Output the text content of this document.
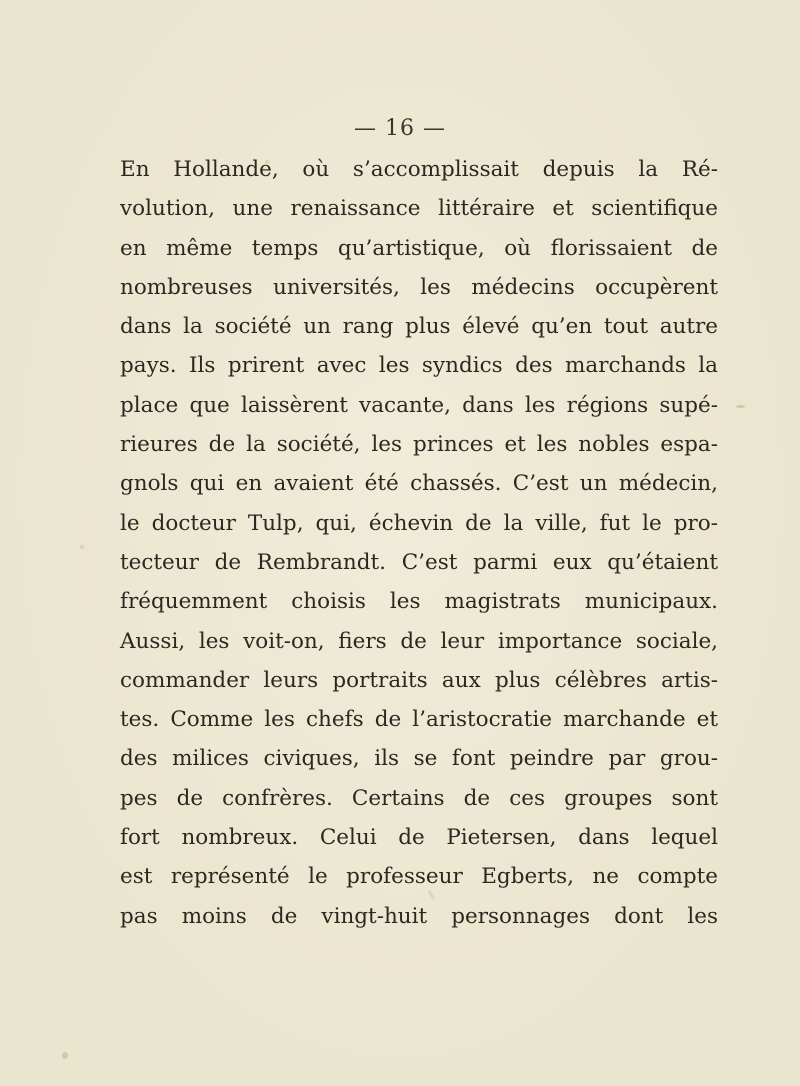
— 16 —
En Hollande, où s’accomplissait depuis la Ré-
volution, une renaissance littéraire et scientifique
en même temps qu’artistique, où florissaient de
nombreuses universités, les médecins occupèrent
dans la société un rang plus élevé qu’en tout autre
pays. Ils prirent avec les syndics des marchands la
place que laissèrent vacante, dans les régions supé-
rieures de la société, les princes et les nobles espa-
gnols qui en avaient été chassés. C’est un médecin,
le docteur Tulp, qui, échevin de la ville, fut le pro-
tecteur de Rembrandt. C’est parmi eux qu’étaient
fréquemment choisis les magistrats municipaux.
Aussi, les voit-on, fiers de leur importance sociale,
commander leurs portraits aux plus célèbres artis-
tes. Comme les chefs de l’aristocratie marchande et
des milices civiques, ils se font peindre par grou-
pes de confrères. Certains de ces groupes sont
fort nombreux. Celui de Pietersen, dans lequel
est représenté le professeur Egberts, ne compte
pas moins de vingt-huit personnages dont les
